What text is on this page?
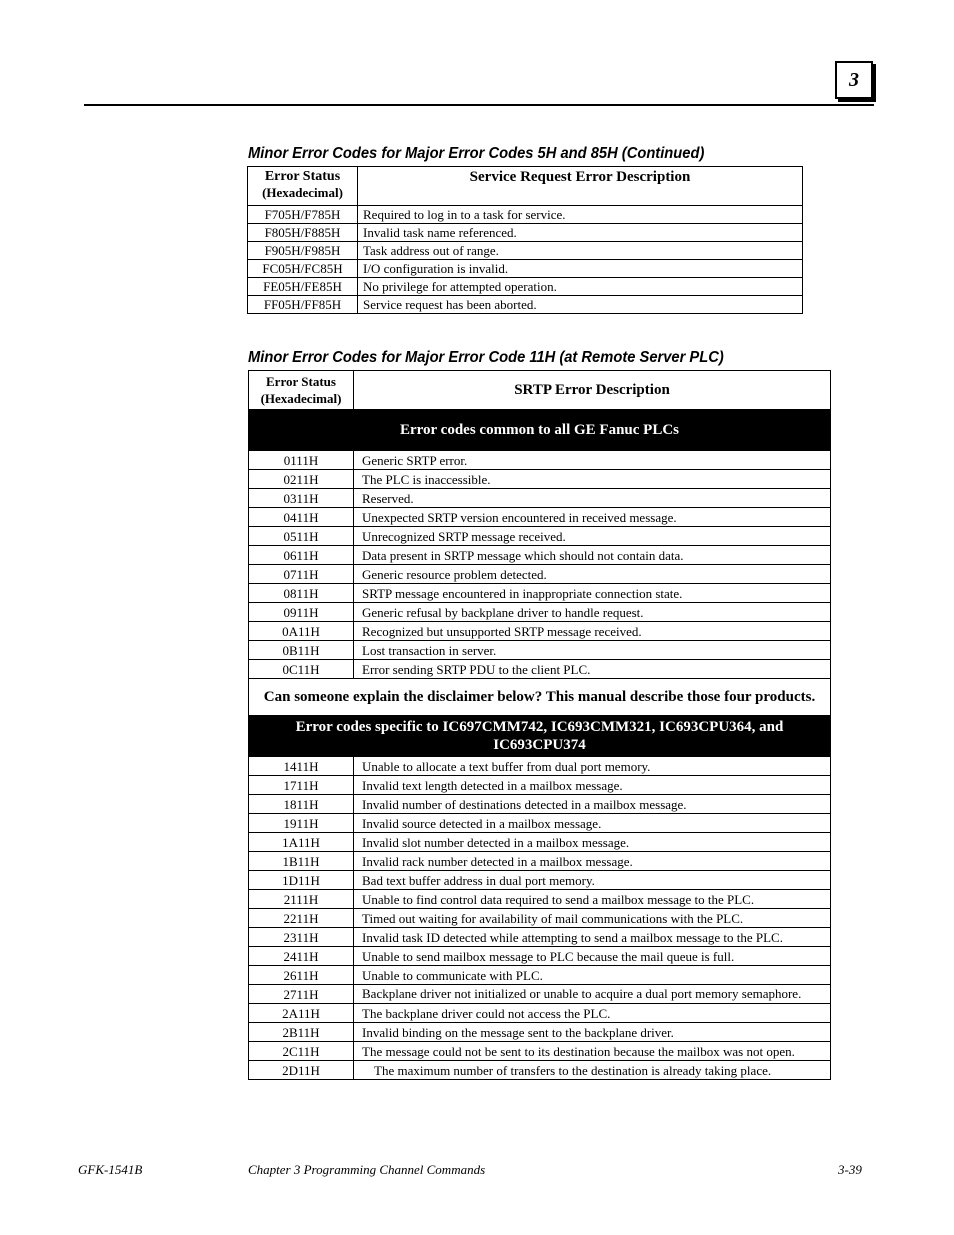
3
Minor Error Codes for Major Error Codes 5H and 85H (Continued)
Error Status
(Hexadecimal)	Service Request Error Description
F705H/F785H	Required to log in to a task for service.
F805H/F885H	Invalid task name referenced.
F905H/F985H	Task address out of range.
FC05H/FC85H	I/O configuration is invalid.
FE05H/FE85H	No privilege for attempted operation.
FF05H/FF85H	Service request has been aborted.
Minor Error Codes for Major Error Code 11H (at Remote Server PLC)
Error Status
(Hexadecimal)	SRTP Error Description
Error codes common to all GE Fanuc PLCs	
0111H	Generic SRTP error.
0211H	The PLC is inaccessible.
0311H	Reserved.
0411H	Unexpected SRTP version encountered in received message.
0511H	Unrecognized SRTP message received.
0611H	Data present in SRTP message which should not contain data.
0711H	Generic resource problem detected.
0811H	SRTP message encountered in inappropriate connection state.
0911H	Generic refusal by backplane driver to handle request.
0A11H	Recognized but unsupported SRTP message received.
0B11H	Lost transaction in server.
0C11H	Error sending SRTP PDU to the client PLC.
Can someone explain the disclaimer below? This manual describe those four products.	
Error codes specific to IC697CMM742, IC693CMM321, IC693CPU364, and IC693CPU374	
1411H	Unable to allocate a text buffer from dual port memory.
1711H	Invalid text length detected in a mailbox message.
1811H	Invalid number of destinations detected in a mailbox message.
1911H	Invalid source detected in a mailbox message.
1A11H	Invalid slot number detected in a mailbox message.
1B11H	Invalid rack number detected in a mailbox message.
1D11H	Bad text buffer address in dual port memory.
2111H	Unable to find control data required to send a mailbox message to the PLC.
2211H	Timed out waiting for availability of mail communications with the PLC.
2311H	Invalid task ID detected while attempting to send a mailbox message to the PLC.
2411H	Unable to send mailbox message to PLC because the mail queue is full.
2611H	Unable to communicate with PLC.
2711H	Backplane driver not initialized or unable to acquire a dual port memory semaphore.
2A11H	The backplane driver could not access the PLC.
2B11H	Invalid binding on the message sent to the backplane driver.
2C11H	The message could not be sent to its destination because the mailbox was not open.
2D11H	The maximum number of transfers to the destination is already taking place.
GFK-1541B	Chapter 3 Programming Channel Commands	3-39
